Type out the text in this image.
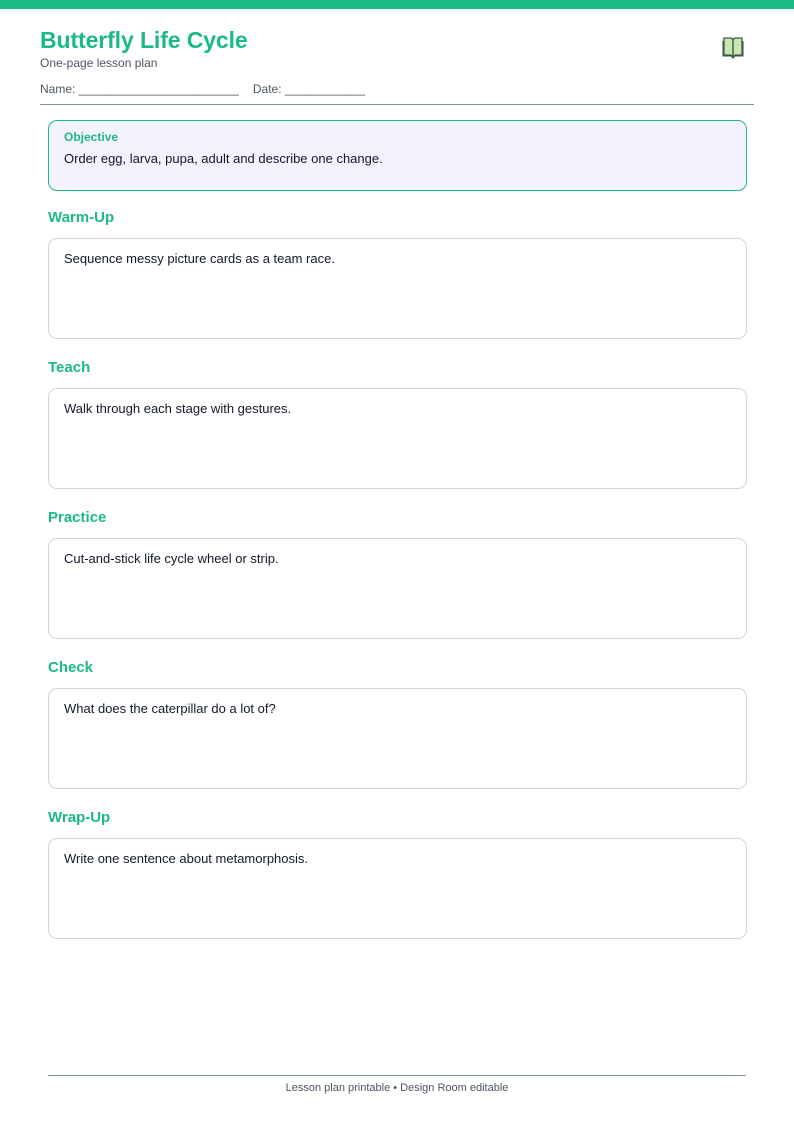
Butterfly Life Cycle
One-page lesson plan
Name: ________________________ Date: ____________
Objective
Order egg, larva, pupa, adult and describe one change.
Warm-Up
Sequence messy picture cards as a team race.
Teach
Walk through each stage with gestures.
Practice
Cut-and-stick life cycle wheel or strip.
Check
What does the caterpillar do a lot of?
Wrap-Up
Write one sentence about metamorphosis.
Lesson plan printable • Design Room editable
